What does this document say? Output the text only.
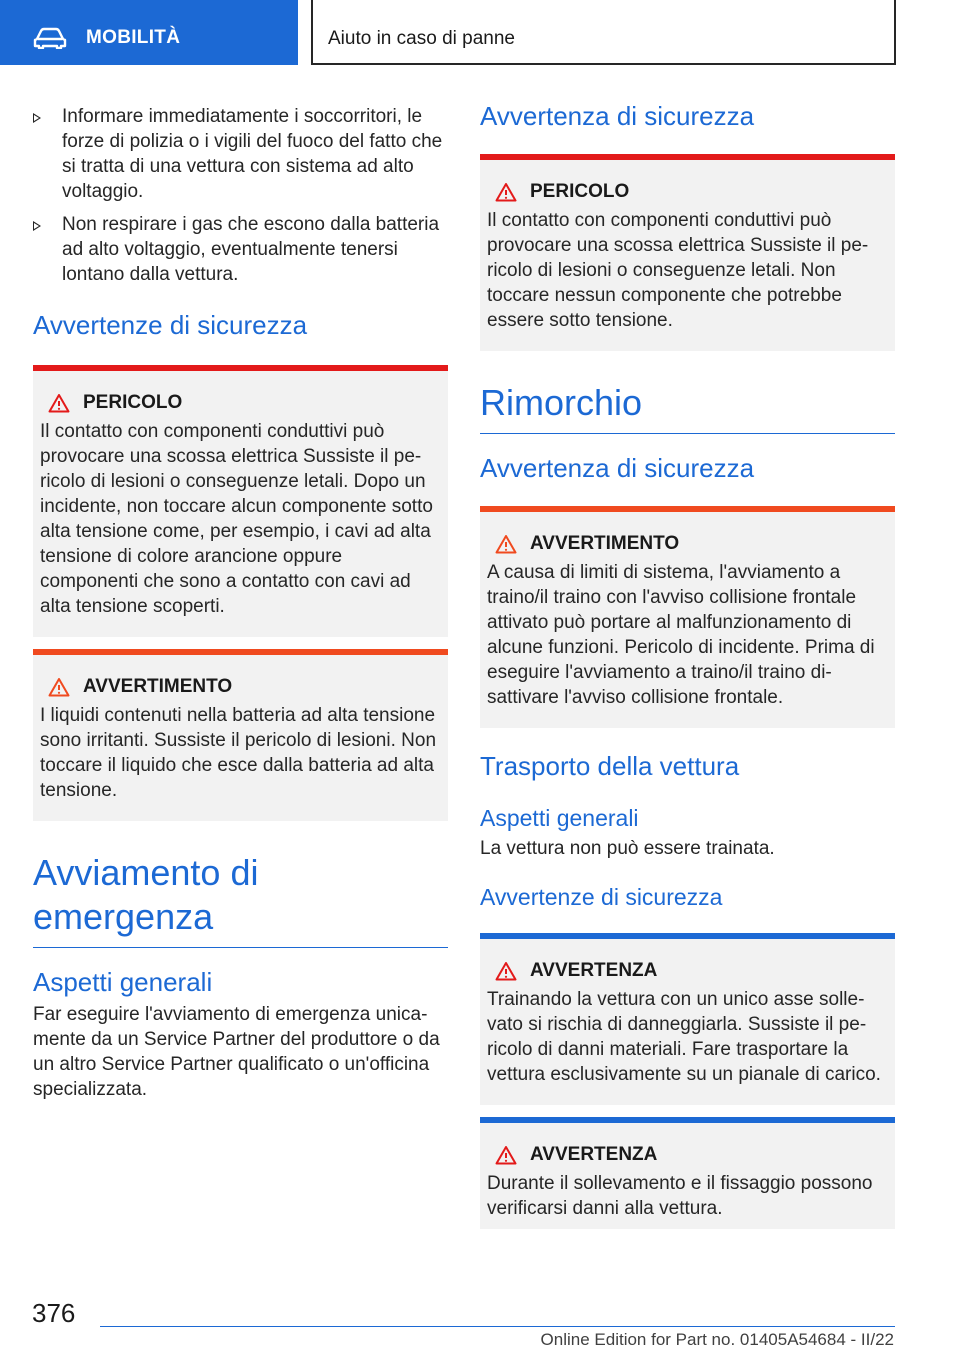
MOBILITÀ	Aiuto in caso di panne
Informare immediatamente i soccorritori, le forze di polizia o i vigili del fuoco del fatto che si tratta di una vettura con sistema ad alto voltaggio.
Non respirare i gas che escono dalla batteria ad alto voltaggio, eventualmente tenersi lontano dalla vettura.
Avvertenze di sicurezza
PERICOLO
Il contatto con componenti conduttivi può provocare una scossa elettrica Sussiste il pericolo di lesioni o conseguenze letali. Dopo un incidente, non toccare alcun componente sotto alta tensione come, per esempio, i cavi ad alta tensione di colore arancione oppure componenti che sono a contatto con cavi ad alta tensione scoperti.
AVVERTIMENTO
I liquidi contenuti nella batteria ad alta tensione sono irritanti. Sussiste il pericolo di lesioni. Non toccare il liquido che esce dalla batteria ad alta tensione.
Avviamento di emergenza
Aspetti generali
Far eseguire l'avviamento di emergenza unicamente da un Service Partner del produttore o da un altro Service Partner qualificato o un'officina specializzata.
Avvertenza di sicurezza
PERICOLO
Il contatto con componenti conduttivi può provocare una scossa elettrica Sussiste il pericolo di lesioni o conseguenze letali. Non toccare nessun componente che potrebbe essere sotto tensione.
Rimorchio
Avvertenza di sicurezza
AVVERTIMENTO
A causa di limiti di sistema, l'avviamento a traino/il traino con l'avviso collisione frontale attivato può portare al malfunzionamento di alcune funzioni. Pericolo di incidente. Prima di eseguire l'avviamento a traino/il traino disattivare l'avviso collisione frontale.
Trasporto della vettura
Aspetti generali
La vettura non può essere trainata.
Avvertenze di sicurezza
AVVERTENZA
Trainando la vettura con un unico asse sollevato si rischia di danneggiarla. Sussiste il pericolo di danni materiali. Fare trasportare la vettura esclusivamente su un pianale di carico.
AVVERTENZA
Durante il sollevamento e il fissaggio possono verificarsi danni alla vettura.
376
Online Edition for Part no. 01405A54684 - II/22
